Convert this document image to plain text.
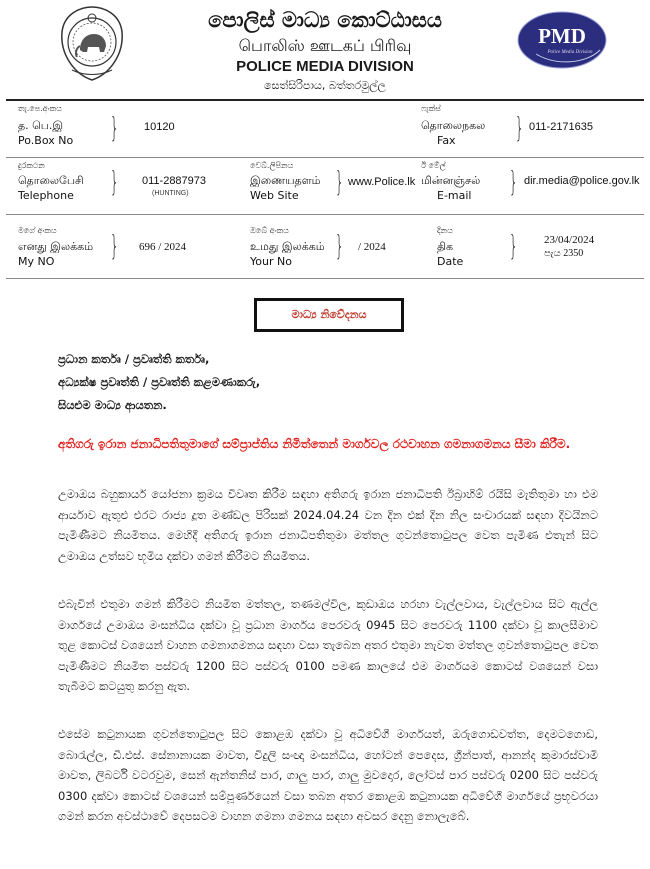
පොලිස් මාධ්‍ය කොට්ඨාසය
பொலிஸ் ஊடகப் பிரிவு
POLICE MEDIA DIVISION
සෙත්සිරිපාය, බත්තරමුල්ල
PMD
Police Media Division
තැ.පෙ.අංකය
த. பெ.இ
Po.Box No } 10120
ෆැක්ස්
தொலைநகல
Fax } 011-2171635
දුරකථන
தொலைபேசி
Telephone } 011-2887973
(HUNTING)
වෙබ්.ලිපිනය
இணையதளம்
Web Site } www.Police.lk
ඊ මේල්
மின்னஞ்சல்
E-mail } dir.media@police.gov.lk
මගේ අංකය
எனது இலக்கம்
My NO } 696 / 2024
ඔබේ අංකය
உமது இலக்கம்
Your No } / 2024
දිනය
திக
Date } 23/04/2024
පැය 2350
මාධ්‍ය නිවේදනය
ප්‍රධාන කර්තෘ / ප්‍රවෘත්ති කර්තෘ,
අධ්‍යක්ෂ ප්‍රවෘත්ති / ප්‍රවෘත්ති කළමණාකරු,
සියළුම මාධ්‍ය ආයතන.
අතිගරු ඉරාන ජනාධිපතිතුමාගේ සම්ප්‍රාප්තිය නිමිත්තෙන් මාර්ගවල රථවාහන ගමනාගමනය සීමා කිරීම.
උමාඔය බහුකාර්ය යෝජනා ක්‍රමය විවෘත කිරීම සඳහා අතිගරු ඉරාන ජනාධිපති ඊබ්‍රාහිම් රයිසි මැතිතුමා හා එම ආර්යාව ඇතුළු එරට රාජ්‍ය දූත මණ්ඩල පිරිසක් 2024.04.24 වන දින එක් දින නිල සංචාරයක් සඳහා දිවයිනට පැමිණීමට නියමිතය. මෙහිදී අතිගරු ඉරාන ජනාධිපතිතුමා මත්තල ගුවන්තොටුපල වෙත පැමිණ එතැන් සිට උමාඔය උත්සව භූමිය දක්වා ගමන් කිරීමට නියමිතය.
එබැවින් එතුමා ගමන් කිරීමට නියමිත මත්තල, තණමල්විල, කුඩාඔය හරහා වැල්ලවාය, වැල්ලවාය සිට ඇල්ල මාර්ගයේ උමාඔය මංසන්ධිය දක්වා වූ ප්‍රධාන මාර්ගය පෙරවරු 0945 සිට පෙරවරු 1100 දක්වා වූ කාලසීමාව තුළ කොටස් වශයෙන් වාහන ගමනාගමනය සඳහා වසා තැබෙන අතර එතුමා නැවත මත්තල ගුවන්තොටුපල වෙත පැමිණීමට නියමිත පස්වරු 1200 සිට පස්වරු 0100 පමණ කාලයේ එම මාර්ගයම කොටස් වශයෙන් වසා තැබීමට කටයුතු කරනු ඇත.
එසේම කටුනායක ගුවන්තොටුපල සිට කොළඹ දක්වා වූ අධිවේගී මාර්ගයත්, ඔරුගොඩවත්ත, දෙමටගොඩ, බොරැල්ල, ඩී.එස්. සේනානායක මාවත, විදුලි සංඥා මංසන්ධිය, හෝටන් පෙදෙස, ග්‍රීන්පාත්, ආනන්ද කුමාරස්වාමි මාවත, ලිබර්ටි වටරවුම, සෙන් ඇන්තනිස් පාර, ගාලු පාර, ගාලු මුවදොර, ලෝටස් පාර පස්වරු 0200 සිට පස්වරු 0300 දක්වා කොටස් වශයෙන් සම්පූර්ණයෙන් වසා තබන අතර කොළඹ කටුනායක අධිවේගී මාර්ගයේ ප්‍රභූවරයා ගමන් කරන අවස්ථාවේ දෙපසටම වාහන ගමනා ගමනය සඳහා අවසර දෙනු නොලැබේ.
